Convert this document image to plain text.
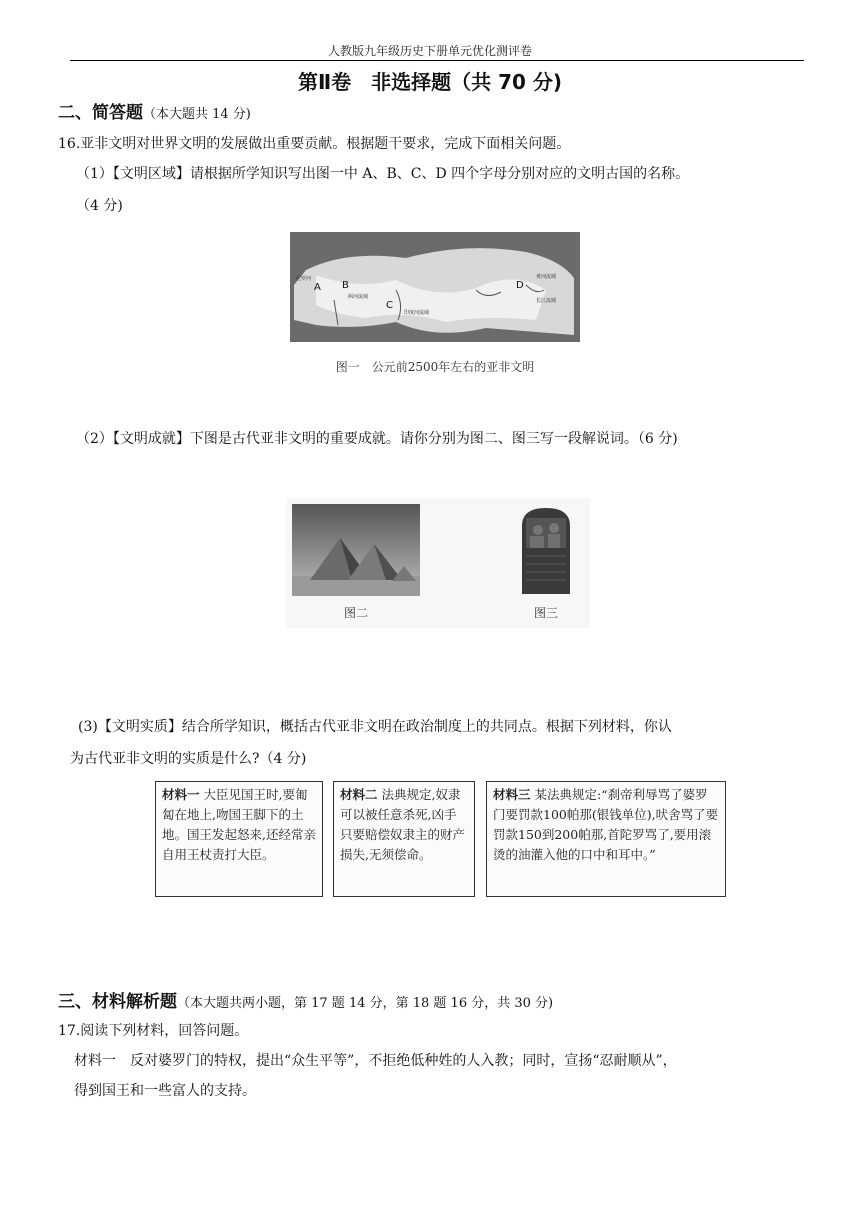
人教版九年级历史下册单元优化测评卷
第Ⅱ卷　非选择题（共 70 分)
二、简答题（本大题共 14 分)
16.亚非文明对世界文明的发展做出重要贡献。根据题干要求，完成下面相关问题。
（1）【文明区域】请根据所学知识写出图一中 A、B、C、D 四个字母分别对应的文明古国的名称。
（4 分)
A B
C
D
尼罗河
两河流域
印度河流域
黄河流域
长江流域
图一　公元前2500年左右的亚非文明
（2）【文明成就】下图是古代亚非文明的重要成就。请你分别为图二、图三写一段解说词。（6 分)
图二	图三
(3)【文明实质】结合所学知识，概括古代亚非文明在政治制度上的共同点。根据下列材料，你认
为古代亚非文明的实质是什么?（4 分)
材料一 大臣见国王时,要匍匐在地上,吻国王脚下的土地。国王发起怒来,还经常亲自用王杖责打大臣。
材料二 法典规定,奴隶可以被任意杀死,凶手只要赔偿奴隶主的财产损失,无须偿命。
材料三 某法典规定:“刹帝利辱骂了婆罗门要罚款100帕那(银钱单位),吠舍骂了要罚款150到200帕那,首陀罗骂了,要用滚烫的油灌入他的口中和耳中。”
三、材料解析题（本大题共两小题，第 17 题 14 分，第 18 题 16 分，共 30 分)
17.阅读下列材料，回答问题。
材料一　 反对婆罗门的特权，提出“众生平等”，不拒绝低种姓的人入教；同时，宣扬“忍耐顺从”，
得到国王和一些富人的支持。
